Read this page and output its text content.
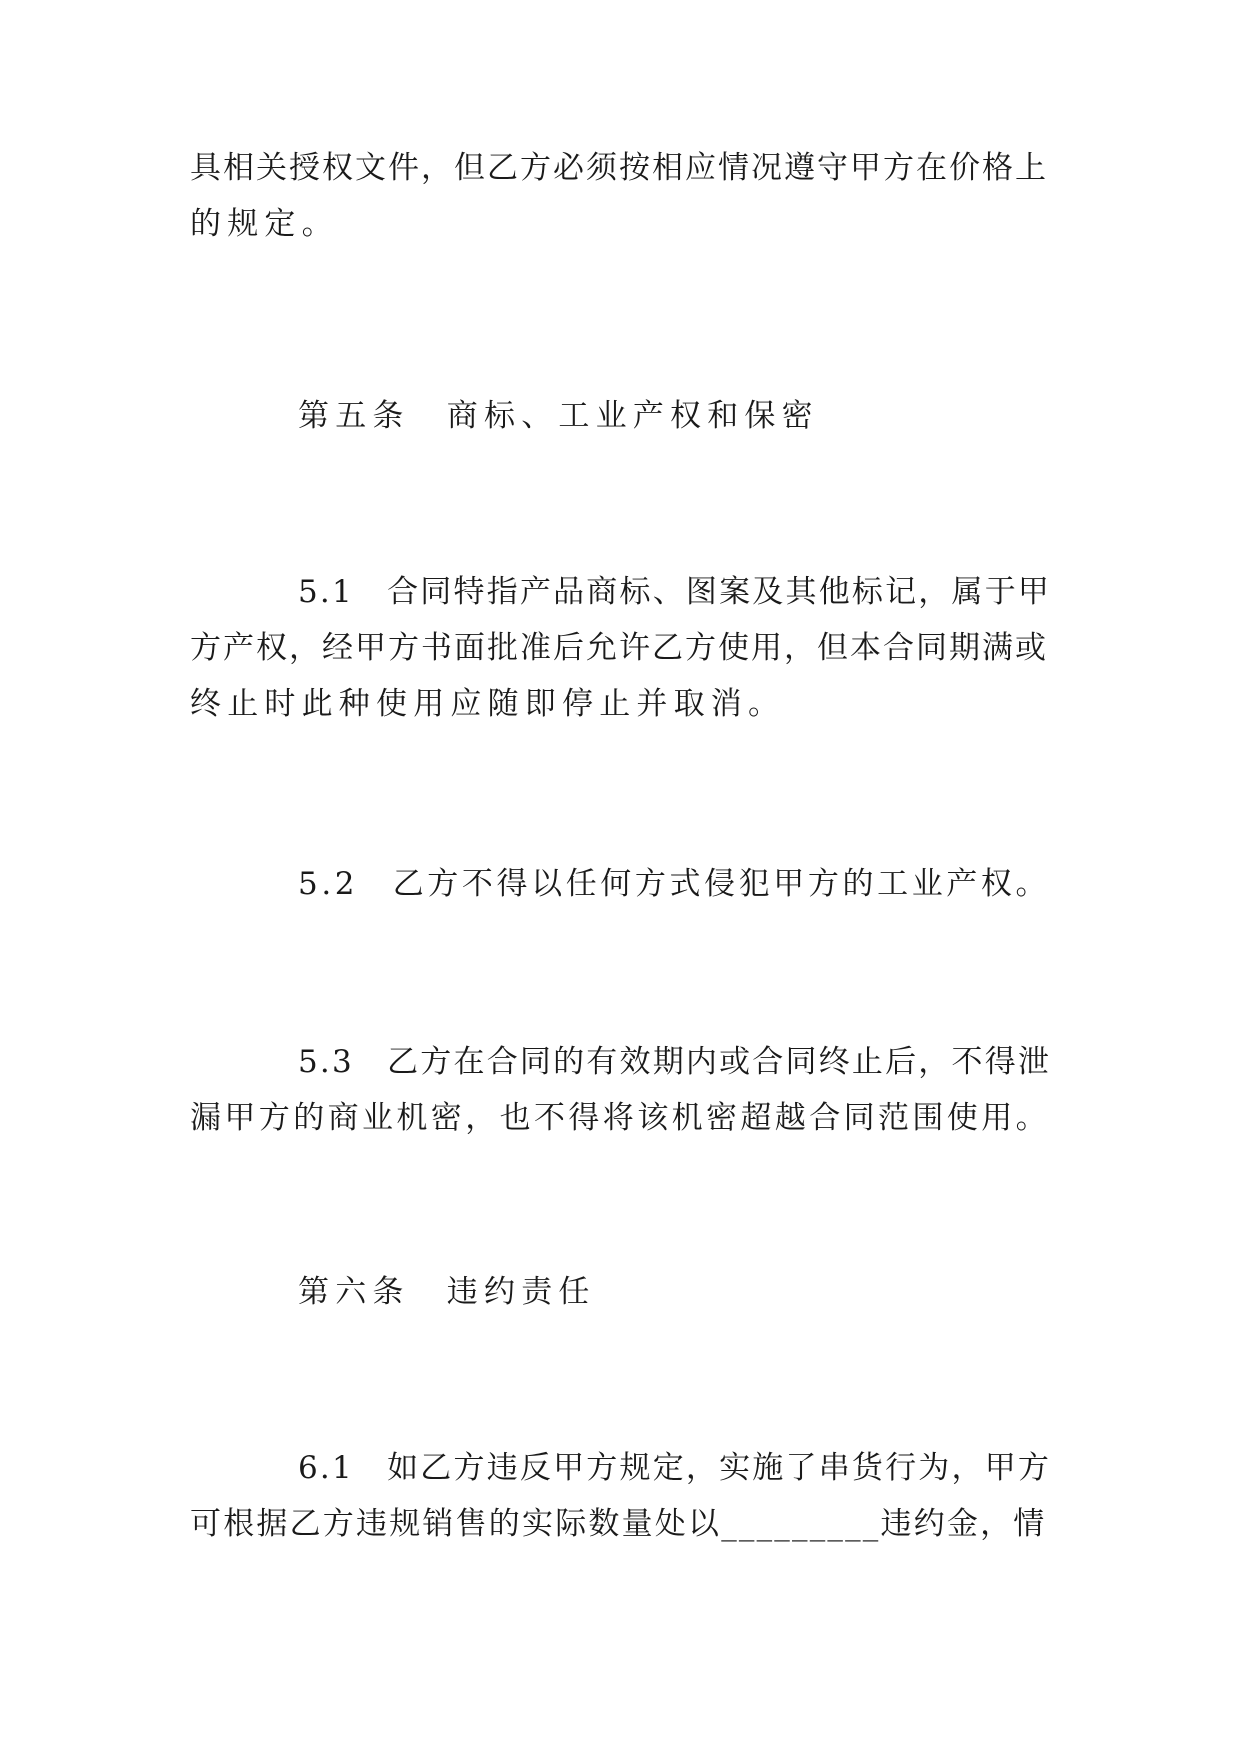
具相关授权文件，但乙方必须按相应情况遵守甲方在价格上
的规定。
第五条　商标、工业产权和保密
5.1　合同特指产品商标、图案及其他标记，属于甲
方产权，经甲方书面批准后允许乙方使用，但本合同期满或
终止时此种使用应随即停止并取消。
5.2　乙方不得以任何方式侵犯甲方的工业产权。
5.3　乙方在合同的有效期内或合同终止后，不得泄
漏甲方的商业机密，也不得将该机密超越合同范围使用。
第六条　违约责任
6.1　如乙方违反甲方规定，实施了串货行为，甲方
可根据乙方违规销售的实际数量处以_________违约金，情
